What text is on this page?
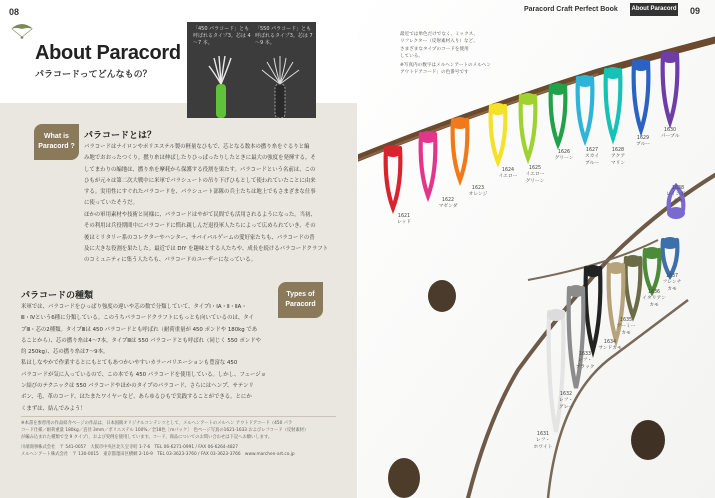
08
About Paracord
パラコードってどんなもの？
「450 パラコード」とも呼ばれるタイプ3。芯は 4～7 本。
「550 パラコード」とも呼ばれるタイプ3。芯は 7～9 本。
What is
Paracord ?
パラコードとは？
パラコードはナイロンやポリエステル製の軽量なひもで、芯となる数本の撚り糸をぐるりと編
み地でおおったつくり。撚り糸は伸ばしたりひっぱったりしたときに最大の強度を発揮する。そ
してまわりの編地は、撚り糸を摩耗から保護する役割を果たす。パラコードという名前は、この
ひもが元々は第二次大戦中に米軍でパラシュートの吊り下げひもとして使われていたことに由来
する。実用性にすぐれたパラコードを、パラシュート部隊の兵士たちは地上でもさまざまな仕事
に使っていたそうだ。
ほかの軍用素材や技術と同様に、パラコードはやがて民間でも活用されるようになった。当初、
その利用は兵役期間中にパラコードに慣れ親しんだ退役軍人たちによって広められていき、その
後はミリタリー系のコレクターやハンター、サバイバルゲームの愛好家たちも、パラコードの普
及に大きな役割を果たした。最近では DIY を趣味とする人たちや、成長を続けるパラコードクラフト
のコミュニティに集う人たちも、パラコードのユーザーになっている。
Types of
Paracord
パラコードの種類
米軍では、パラコードをひっぱり強度の違いや芯の数で分類していて、タイプⅠ・ⅠA・Ⅱ・ⅡA・
Ⅲ・Ⅳという6種に分類している。このうちパラコードクラフトにもっとも向いているのは、タイ
プⅢ・芯の2種類。タイプⅢは 450 パラコードとも呼ばれ（耐荷重量が 450 ポンドや 180kg であ
ることから）、芯の撚り糸は4～7本。タイプⅢは 550 パラコードとも呼ばれ（同じく 550 ポンドや
約 250kg）、芯の撚り糸は7～9本。
私はしなやかで作業するとにもとてもあつかいやすいカラーバリエーションも豊富な 450
パラコードが気に入っているので、この本でも 450 パラコードを使用している。しかし、フュージョ
ン結びのテクニックは 550 パラコードやほかのタイプのパラコード、さらにはヘンプ、サテンリ
ボン、毛、革のコード、はたまたワイヤーなど、あらゆるひもで実践することができる。とにか
くまずは、結んでみよう！
※本書を参習用の作品紹介ページの作品は、日本国販オリジナルコンテンツとして、メルヘンアートのメルヘン アウトドアコード（450 パラ
コード仕様／耐荷重量 180kg／直径 3mm／ポリエステル 100%／全18色［mパック］　色ページ写真の1621-1633 およびレフコード（反射素材）
が編み込まれた種類で全 9 タイプ）、および実例を使用しています。コード、商品についてのお問い合わせは下記へお願いします。
川端商事株式会社　〒 541-0057　大阪市中央区北久宝寺町 1-7-6　TEL 06-6271-0991 / FAX 06-6264-4827
メルヘンアート株式会社　〒 130-0015　東京都墨田区横網 2-10-9　TEL 03-3623-3760 / FAX 03-3623-3766　www.marchen-art.co.jp
Paracord Craft Perfect Book About Paracord 09
最近では単色だけでなく、ミックス、
リフレクター（反射素材入り）など、
さまざまなタイプのコードを使用
している。
※写真内の数字はメルヘンアートのメルヘン
アウトドアコード」の色番号です
1621
レッド
1622
マゼンダ
1623
オレンジ
1624
イエロー
1625
イエロー
グリーン
1626
グリーン
1627
スカイ
ブルー
1628
アクア
マリン
1629
ブルー
1630
パープル
1638
レインボー
カモ
1637
フレンチ
カモ
1636
イタリアン
カモ
1635
アーミー
カモ
1634
サンドカモ
1633
レフ・
ブラック
1632
レフ・
グレー
1631
レフ・
ホワイト
